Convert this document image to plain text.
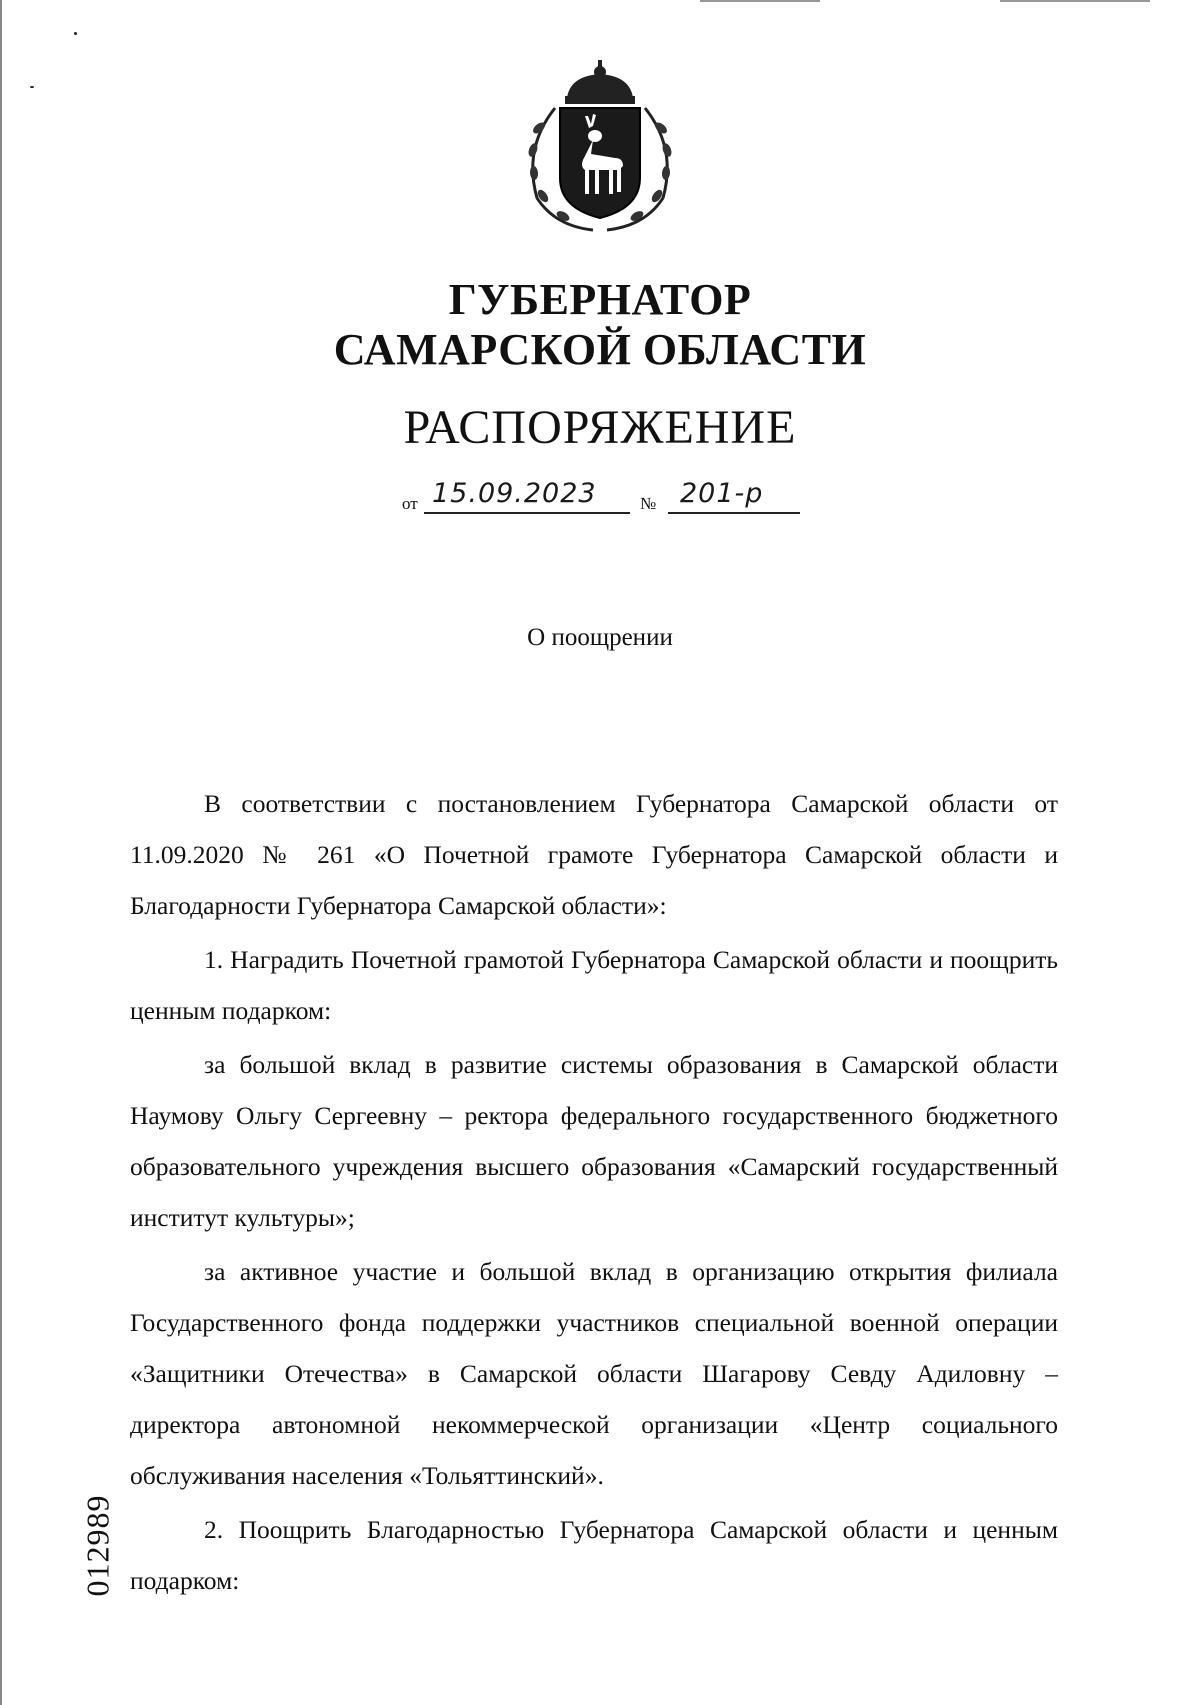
ГУБЕРНАТОР
САМАРСКОЙ ОБЛАСТИ
РАСПОРЯЖЕНИЕ
от 15.09.2023	№ 201-р
О поощрении

В соответствии с постановлением Губернатора Самарской области от 11.09.2020 № 261 «О Почетной грамоте Губернатора Самарской области и Благодарности Губернатора Самарской области»:

1. Наградить Почетной грамотой Губернатора Самарской области и поощрить ценным подарком:

за большой вклад в развитие системы образования в Самарской области Наумову Ольгу Сергеевну – ректора федерального государственного бюджетного образовательного учреждения высшего образования «Самарский государственный институт культуры»;

за активное участие и большой вклад в организацию открытия филиала Государственного фонда поддержки участников специальной военной операции «Защитники Отечества» в Самарской области Шагарову Севду Адиловну – директора автономной некоммерческой организации «Центр социального обслуживания населения «Тольяттинский».

2. Поощрить Благодарностью Губернатора Самарской области и ценным подарком:

012989
